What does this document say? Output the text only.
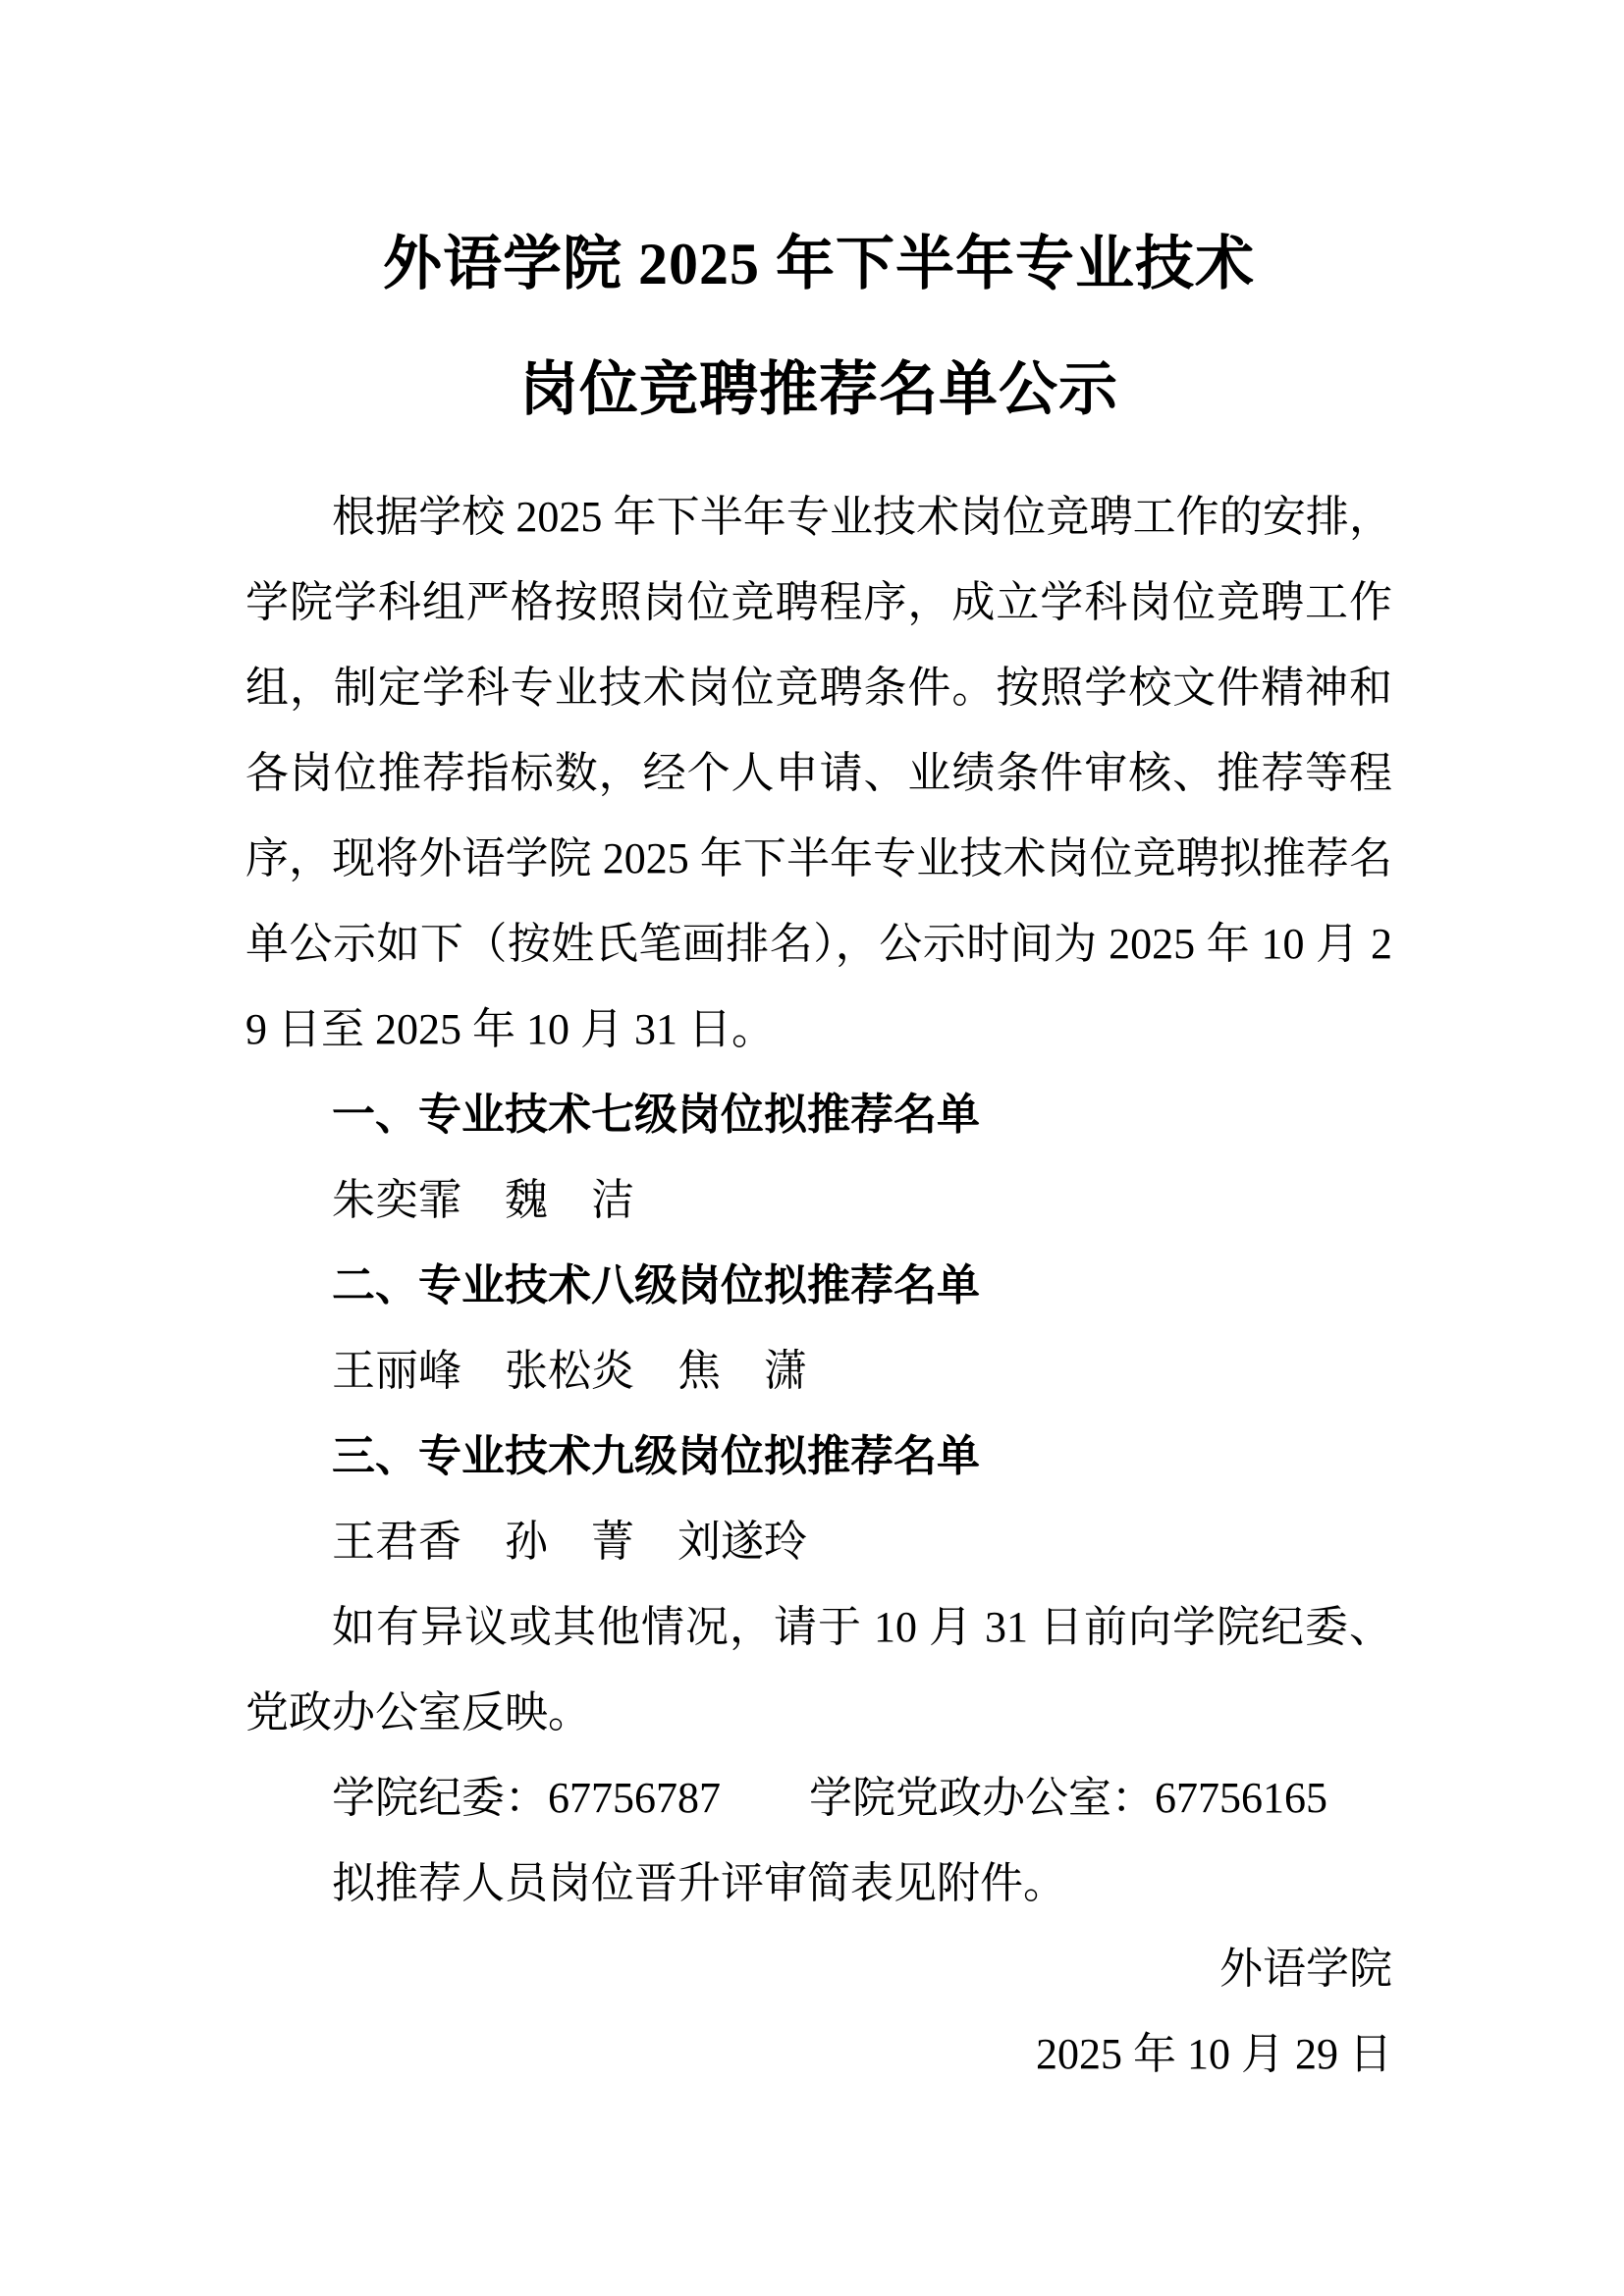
外语学院 2025 年下半年专业技术
岗位竞聘推荐名单公示

根据学校 2025 年下半年专业技术岗位竞聘工作的安排，学院学科组严格按照岗位竞聘程序，成立学科岗位竞聘工作组，制定学科专业技术岗位竞聘条件。按照学校文件精神和各岗位推荐指标数，经个人申请、业绩条件审核、推荐等程序，现将外语学院 2025 年下半年专业技术岗位竞聘拟推荐名单公示如下（按姓氏笔画排名），公示时间为 2025 年 10 月 29 日至 2025 年 10 月 31 日。

一、专业技术七级岗位拟推荐名单

朱奕霏　魏　洁

二、专业技术八级岗位拟推荐名单

王丽峰　张松炎　焦　潇

三、专业技术九级岗位拟推荐名单

王君香　孙　菁　刘遂玲

如有异议或其他情况，请于 10 月 31 日前向学院纪委、党政办公室反映。

学院纪委：67756787 学院党政办公室：67756165

拟推荐人员岗位晋升评审简表见附件。

外语学院

2025 年 10 月 29 日
